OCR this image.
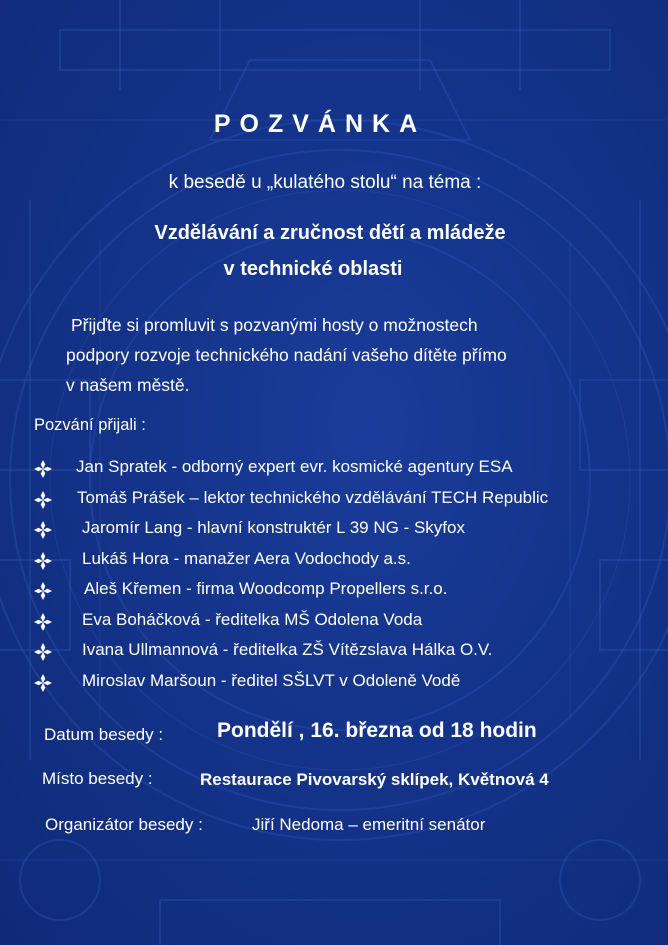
POZVÁNKA
k besedě u „kulatého stolu“ na téma :
Vzdělávání a zručnost dětí a mládeže
v technické oblasti
Přijďte si promluvit s pozvanými hosty o možnostech
podpory rozvoje technického nadání vašeho dítěte přímo
v našem městě.
Pozvání přijali :
Jan Spratek - odborný expert evr. kosmické agentury ESA
Tomáš Prášek – lektor technického vzdělávání TECH Republic
Jaromír Lang - hlavní konstruktér L 39 NG - Skyfox
Lukáš Hora - manažer Aera Vodochody a.s.
Aleš Křemen - firma Woodcomp Propellers s.r.o.
Eva Boháčková - ředitelka MŠ Odolena Voda
Ivana Ullmannová - ředitelka ZŠ Vítězslava Hálka O.V.
Miroslav Maršoun - ředitel SŠLVT v Odoleně Vodě
Datum besedy :	Pondělí , 16. března od 18 hodin
Místo besedy :	Restaurace Pivovarský sklípek, Květnová 4
Organizátor besedy :	Jiří Nedoma – emeritní senátor
